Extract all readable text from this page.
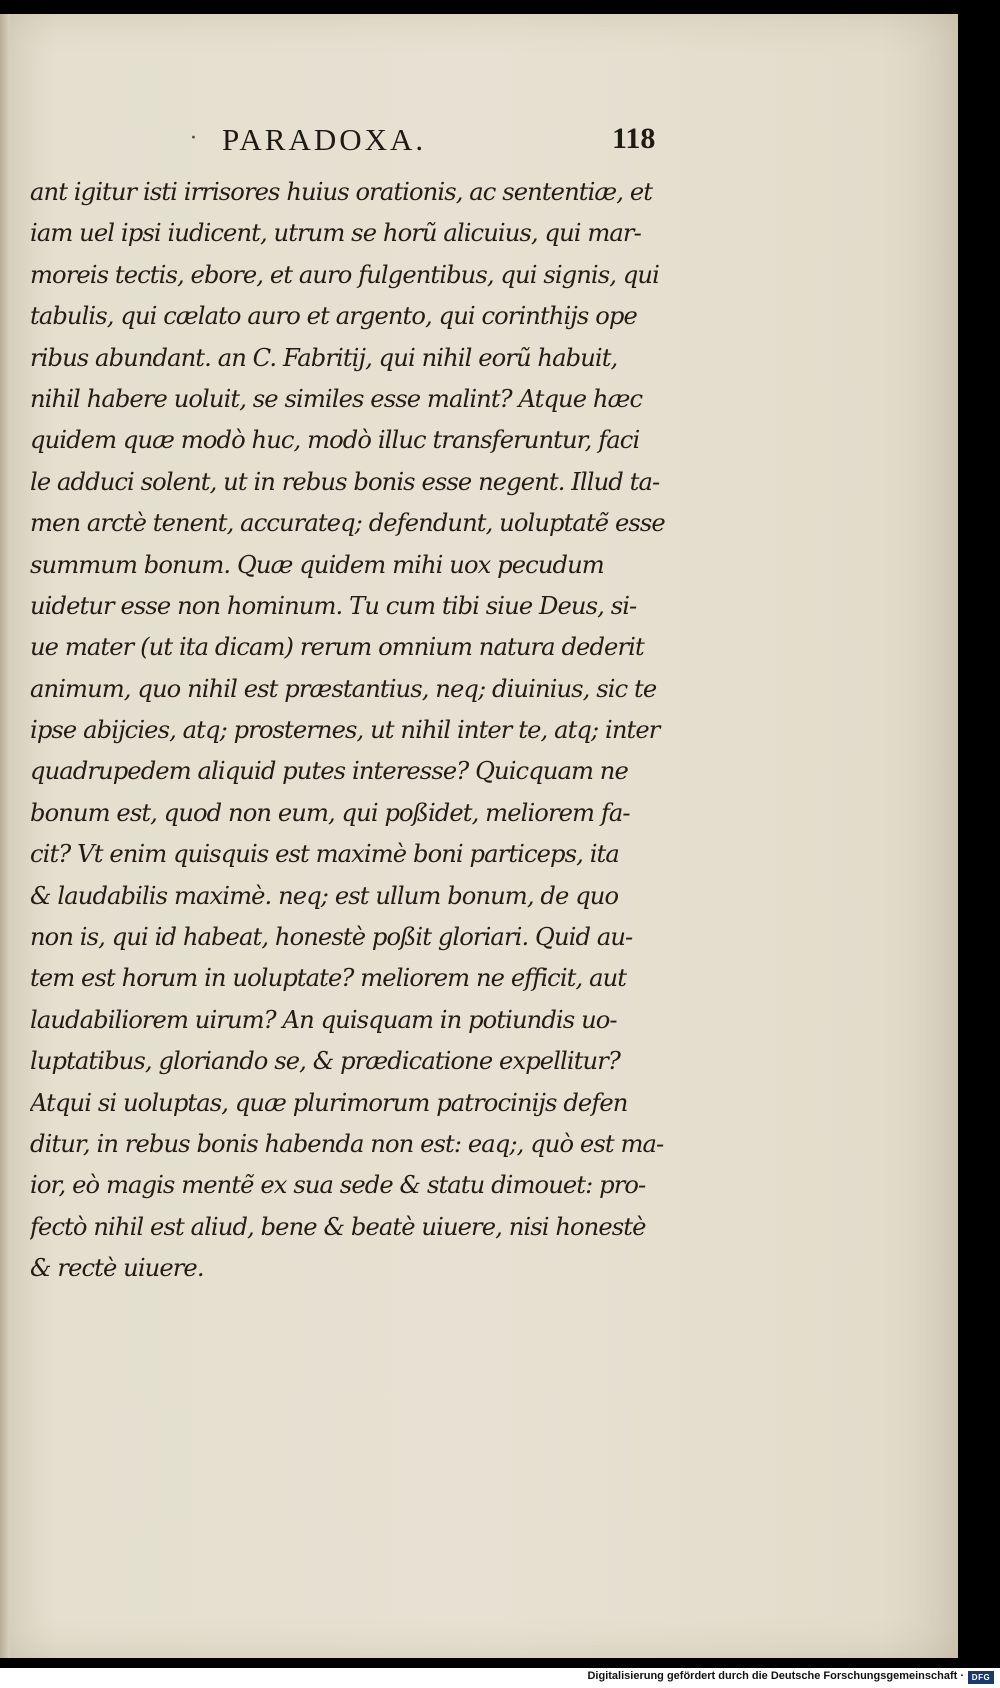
· PARADOXA.	118
ant igitur isti irrisores huius orationis, ac sententiæ, et
iam uel ipsi iudicent, utrum se horũ alicuius, qui mar-
moreis tectis, ebore, et auro fulgentibus, qui signis, qui
tabulis, qui cælato auro et argento, qui corinthijs ope
ribus abundant. an C. Fabritij, qui nihil eorũ habuit,
nihil habere uoluit, se similes esse malint? Atque hæc
quidem quæ modò huc, modò illuc transferuntur, faci
le adduci solent, ut in rebus bonis esse negent. Illud ta-
men arctè tenent, accurateq; defendunt, uoluptatẽ esse
summum bonum. Quæ quidem mihi uox pecudum
uidetur esse non hominum. Tu cum tibi siue Deus, si-
ue mater (ut ita dicam) rerum omnium natura dederit
animum, quo nihil est præstantius, neq; diuinius, sic te
ipse abijcies, atq; prosternes, ut nihil inter te, atq; inter
quadrupedem aliquid putes interesse? Quicquam ne
bonum est, quod non eum, qui poßidet, meliorem fa-
cit? Vt enim quisquis est maximè boni particeps, ita
& laudabilis maximè. neq; est ullum bonum, de quo
non is, qui id habeat, honestè poßit gloriari. Quid au-
tem est horum in uoluptate? meliorem ne efficit, aut
laudabiliorem uirum? An quisquam in potiundis uo-
luptatibus, gloriando se, & prædicatione expellitur?
Atqui si uoluptas, quæ plurimorum patrocinijs defen
ditur, in rebus bonis habenda non est: eaq;, quò est ma-
ior, eò magis mentẽ ex sua sede & statu dimouet: pro-
fectò nihil est aliud, bene & beatè uiuere, nisi honestè
& rectè uiuere.
Digitalisierung gefördert durch die Deutsche Forschungsgemeinschaft · DFG
